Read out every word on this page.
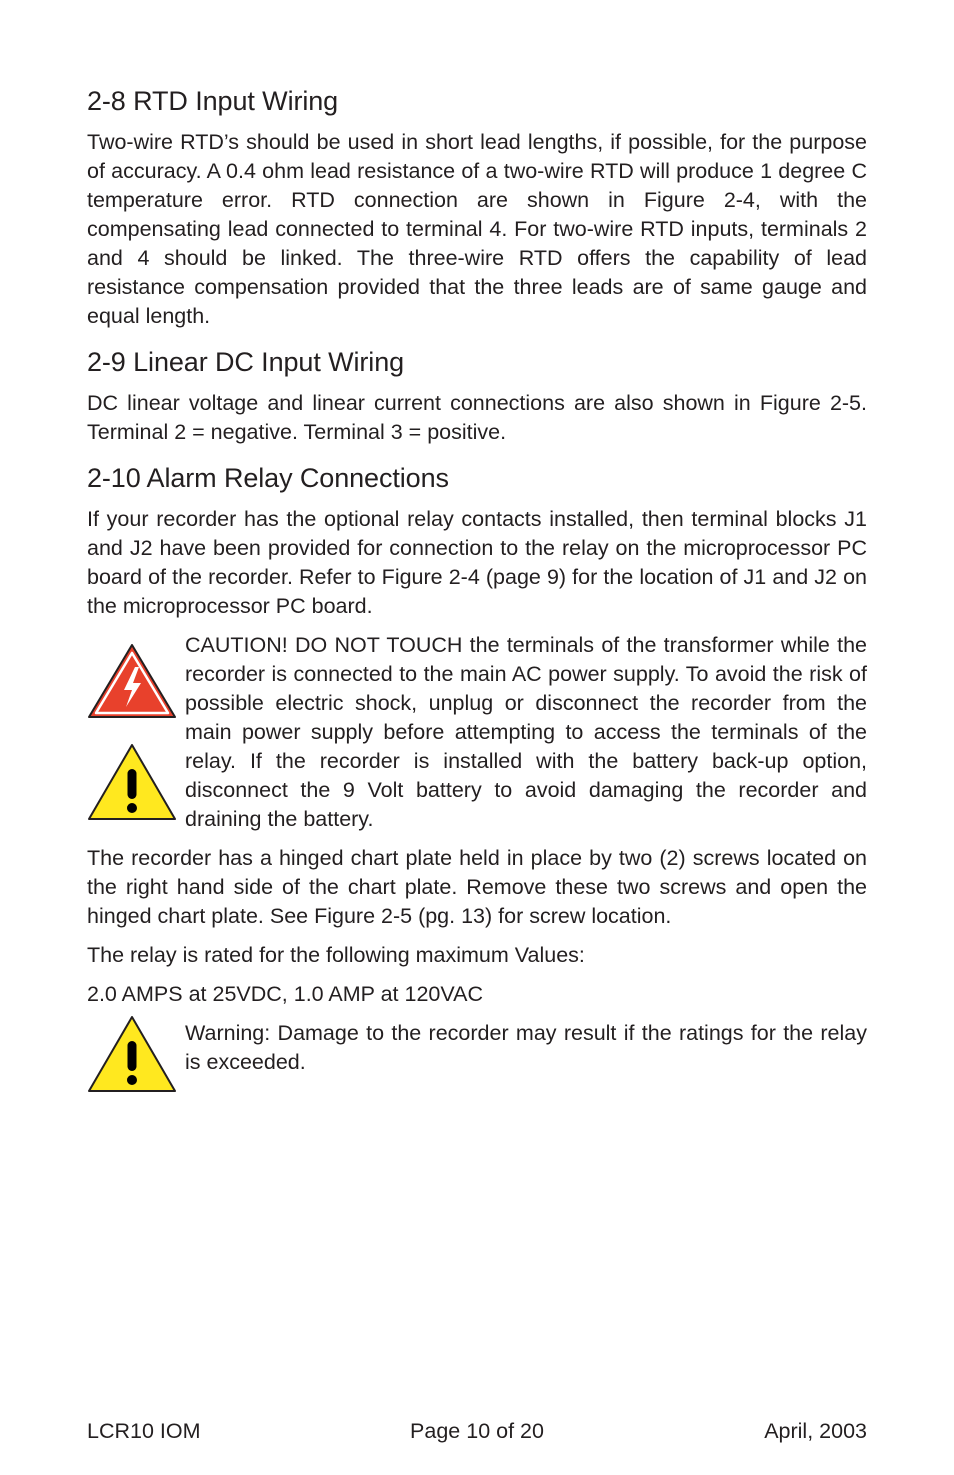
2-8 RTD Input Wiring

Two-wire RTD’s should be used in short lead lengths, if possible, for the purpose of accuracy. A 0.4 ohm lead resistance of a two-wire RTD will produce 1 degree C temperature error. RTD connection are shown in Figure 2-4, with the compensating lead connected to terminal 4. For two-wire RTD inputs, terminals 2 and 4 should be linked. The three-wire RTD offers the capability of lead resistance compensation provided that the three leads are of same gauge and equal length.

2-9 Linear DC Input Wiring

DC linear voltage and linear current connections are also shown in Figure 2-5. Terminal 2 = negative. Terminal 3 = positive.

2-10 Alarm Relay Connections

If your recorder has the optional relay contacts installed, then terminal blocks J1 and J2 have been provided for connection to the relay on the microprocessor PC board of the recorder. Refer to Figure 2-4 (page 9) for the location of J1 and J2 on the microprocessor PC board.

CAUTION! DO NOT TOUCH the terminals of the transformer while the recorder is connected to the main AC power supply. To avoid the risk of possible electric shock, unplug or disconnect the recorder from the main power supply before attempting to access the terminals of the relay. If the recorder is installed with the battery back-up option, disconnect the 9 Volt battery to avoid damaging the recorder and draining the battery.

The recorder has a hinged chart plate held in place by two (2) screws located on the right hand side of the chart plate. Remove these two screws and open the hinged chart plate. See Figure 2-5 (pg. 13) for screw location.

The relay is rated for the following maximum Values:

2.0 AMPS at 25VDC, 1.0 AMP at 120VAC

Warning: Damage to the recorder may result if the ratings for the relay is exceeded.

LCR10 IOM	Page 10 of 20	April, 2003
